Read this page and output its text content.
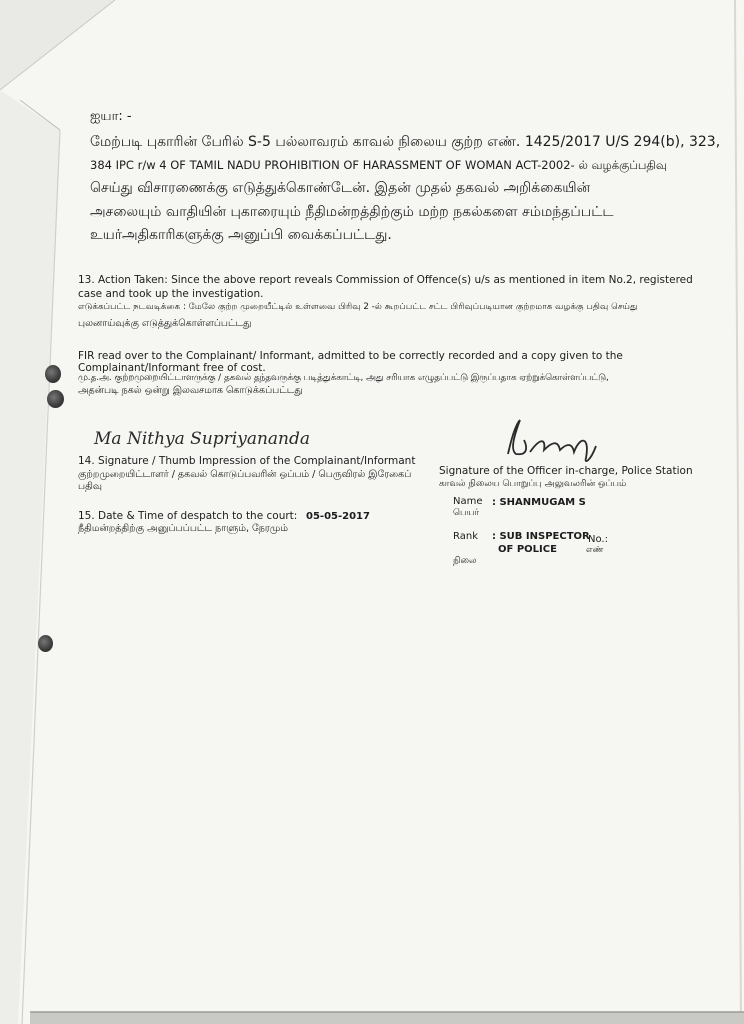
ஐயா: -
மேற்படி புகாரின் பேரில் S-5 பல்லாவரம் காவல் நிலைய குற்ற எண். 1425/2017 U/S 294(b), 323,
384 IPC r/w 4 OF TAMIL NADU PROHIBITION OF HARASSMENT OF WOMAN ACT-2002- ல் வழக்குப்பதிவு
செய்து விசாரணைக்கு எடுத்துக்கொண்டேன். இதன் முதல் தகவல் அறிக்கையின்
அசலையும் வாதியின் புகாரையும் நீதிமன்றத்திற்கும் மற்ற நகல்களை சம்மந்தப்பட்ட
உயர்அதிகாரிகளுக்கு அனுப்பி வைக்கப்பட்டது.
13. Action Taken: Since the above report reveals Commission of Offence(s) u/s as mentioned in item No.2, registered
case and took up the investigation.
எடுக்கப்பட்ட நடவடிக்கை : மேலே குற்ற முறையீட்டில் உள்ளவை பிரிவு 2 -ல் கூறப்பட்ட சட்ட பிரிவுப்படியான குற்றமாக வழக்கு பதிவு செய்து
புலனாய்வுக்கு எடுத்துக்கொள்ளப்பட்டது
FIR read over to the Complainant/ Informant, admitted to be correctly recorded and a copy given to the
Complainant/Informant free of cost.
மு.த.அ. குற்றமுறையிட்டாளருக்கு / தகவல் தந்தவருக்கு படித்துக்காட்டி, அது சரியாக எழுதப்பட்டு இருப்பதாக ஏற்றுக்கொள்ளப்பட்டு,
அதன்படி நகல் ஒன்று இலவசமாக கொடுக்கப்பட்டது
Ma Nithya Supriyananda
LDeny
14. Signature / Thumb Impression of the Complainant/Informant
குற்றமுறையிட்டாளர் / தகவல் கொடுப்பவரின் ஒப்பம் / பெருவிரல் இரேகைப்
பதிவு
Signature of the Officer in-charge, Police Station
காவல் நிலைய பொறுப்பு அலுவலரின் ஒப்பம்
Name
பெயர்
: SHANMUGAM S
15. Date & Time of despatch to the court: 05-05-2017
நீதிமன்றத்திற்கு அனுப்பப்பட்ட நாளும், நேரமும்
Rank : SUB INSPECTOR
No.:
OF POLICE	எண்
நிலை
